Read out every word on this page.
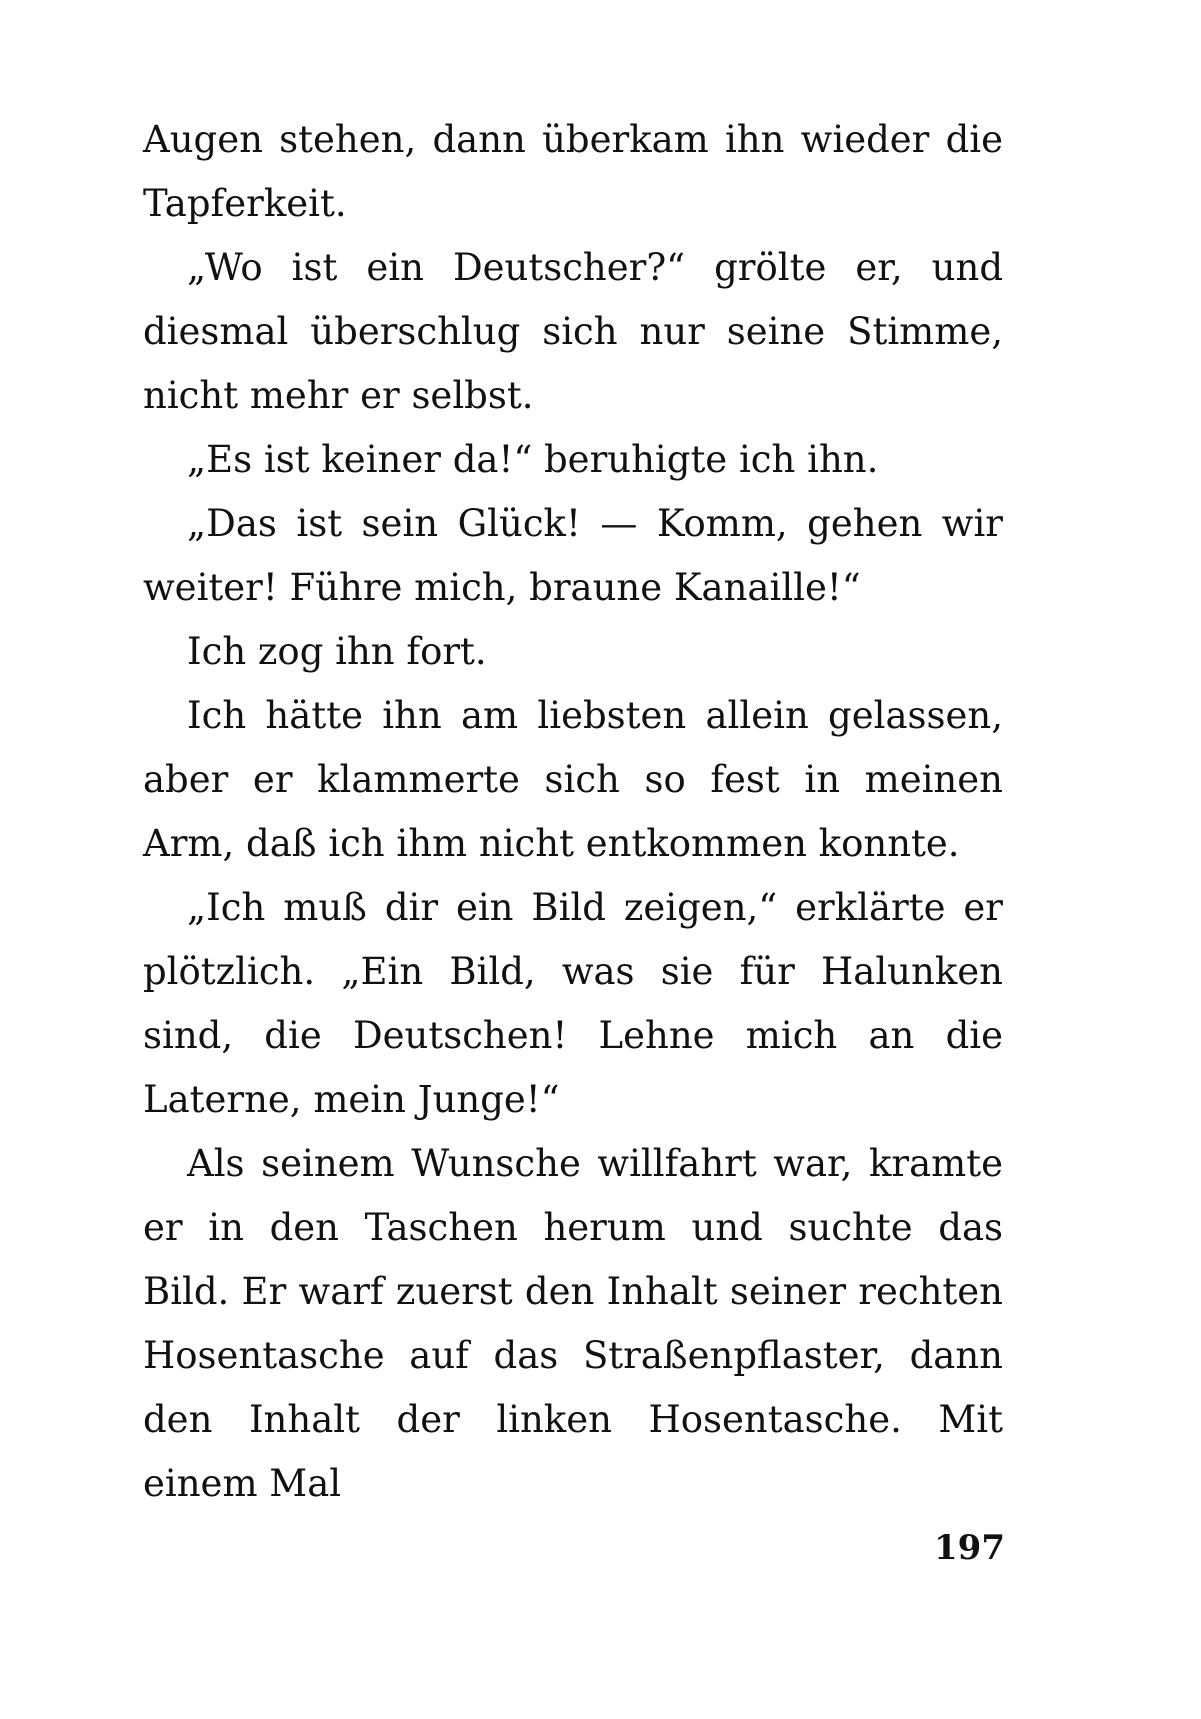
Augen stehen, dann überkam ihn wieder die Tapferkeit.

„Wo ist ein Deutscher?“ grölte er, und diesmal überschlug sich nur seine Stimme, nicht mehr er selbst.

„Es ist keiner da!“ beruhigte ich ihn.

„Das ist sein Glück! — Komm, gehen wir weiter! Führe mich, braune Kanaille!“

Ich zog ihn fort.

Ich hätte ihn am liebsten allein gelassen, aber er klammerte sich so fest in meinen Arm, daß ich ihm nicht entkommen konnte.

„Ich muß dir ein Bild zeigen,“ erklärte er plötzlich. „Ein Bild, was sie für Halunken sind, die Deutschen! Lehne mich an die Laterne, mein Junge!“

Als seinem Wunsche willfahrt war, kramte er in den Taschen herum und suchte das Bild. Er warf zuerst den Inhalt seiner rechten Hosentasche auf das Straßenpflaster, dann den Inhalt der linken Hosentasche. Mit einem Mal

197
